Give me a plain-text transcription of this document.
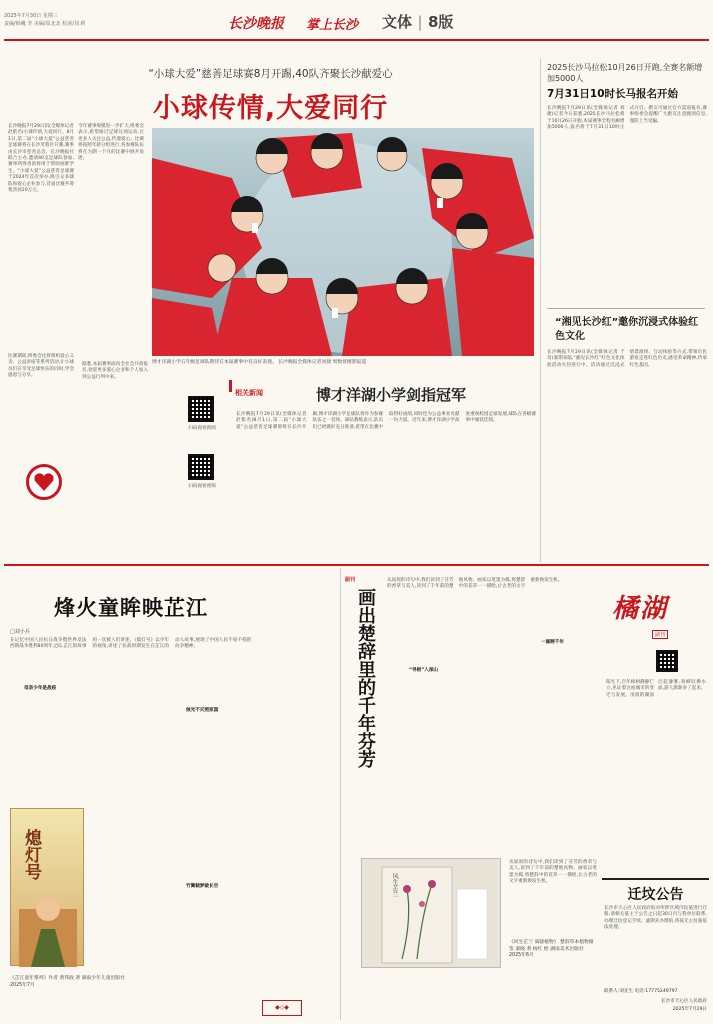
2025年7月30日 星期三
责编/韩巍 李 美编/周北北 校读/刘 莉	长沙晚报 掌上长沙 文体 | 8版
“小球大爱”慈善足球赛8月开踢,40队齐聚长沙献爱心
小球传情,大爱同行
长沙晚报7月29日讯(全媒体记者 赵紫名)小球传情,大爱同行。8月1日,第二届“小球大爱”公益慈善足球赛将在长沙芙蓉区开赛,赛事由长沙市慈善总会、长沙晚报社联合主办,邀请40支足球队参加,赛事所得善款将用于帮助困难学生。“小球大爱”公益慈善足球赛于2024年首次举办,吸引众多球队和爱心企业参与,首届比赛共筹集善款20万元。
今年赛事规模进一步扩大,组委会表示,希望通过足球这项运动,让更多人关注公益,传递爱心。比赛将按照年龄分组进行,各参赛队伍将在为期一个月的比赛中展开角逐。
比赛期间,组委会还将组织爱心义卖、公益讲座等系列活动,让小球员们在享受足球快乐的同时,学会感恩与分享。
博才洋湖小学五年级足球队期待在本届赛事中有良好表现。 长沙晚报全媒体记者刘捷 周数督摄影报道
扫码观看新闻
扫码观看视频
相关新闻	博才洋湖小学剑指冠军
长沙晚报7月29日讯(全媒体记者 赵紫名)8月1日,第二届“小球大爱”公益慈善足球赛即将在长沙开踢,博才洋湖小学足球队将作为参赛队伍之一登场。球队教练表示,队员们已经做好充分准备,希望在比赛中取得好成绩,同时也为公益事业贡献一份力量。近年来,博才洋湖小学高度重视校园足球发展,球队在各级赛事中屡获佳绩。
据悉,本届赛事面向全社会开放报名,欢迎更多爱心企业和个人加入到公益行列中来。
2025长沙马拉松10月26日开跑,全赛名额增加5000人
7月31日10时长马报名开始
长沙晚报7月29日讯(全媒体记者 刘捷)记者今日获悉,2025长沙马拉松将于10月26日开跑,本届赛事全程名额增加5000人,报名将于7月31日10时正式开启。跑友可通过官方渠道报名,赛事组委会提醒广大跑友注意甄别信息,谨防上当受骗。
“湘见长沙红”邀你沉浸式体验红色文化
长沙晚报7月29日讯(全媒体记者 于奇)暑期来临,“湘见长沙红”红色文化体验活动火热进行中。活动通过沉浸式情景演绎、互动体验等方式,带领市民游客走进红色历史,感受革命精神,传承红色基因。
烽火童眸映芷江
□刘小兵
在记忆中国人民抗日战争暨世界反法西斯战争胜利80周年之际,芷江的故事再一次被人们讲述。《熄灯号》以少年的视角,讲述了抗战时期发生在芷江的动人故事,展现了中国人民不屈不挠的抗争精神。
母亲少年是战疫
烛光不灭照家国
竹篱载梦破长空
熄灯号
《芷江童年系列》作者 黄邦政 著 湖南少年儿童出版社 2025年7月
◆◇◆
副刊
画出楚辞里的千年芬芳
从屈原的诗句中,我们读到了芬芳的香草与美人,读到了千年前的楚地风物。画家以笔墨为媒,将楚辞中的花草一一描绘,让古老的文字重新焕发生机。
“寻根”入深山
一画跨千年
风生芷兰
《风生芷兰 离骚植物》 楚辞草本植物图鉴 秦晓 著 杨红 绘 湖南美术出版社 2025年6月
从屈原的诗句中,我们读到了芬芳的香草与美人,读到了千年前的楚地风物。画家以笔墨为媒,将楚辞中的花草一一描绘,让古老的文字重新焕发生机。
橘湖
副刊
阳光下,百年樟树静静伫立,见证着这座城市的变迁与发展。清晨的湖面泛起薄雾,垂柳轻拂水面,游人渐渐多了起来。
迁坟公告
长沙市天心区人民政府拟对所涉区域内坟墓进行迁移,请相关墓主于公告之日起30日内与我单位联系,办理迁坟登记手续。逾期未办理的,将按无主坟墓依法处理。
联系人:刘先生 电话:17775249797
长沙市天心区人民政府
2025年7月29日
